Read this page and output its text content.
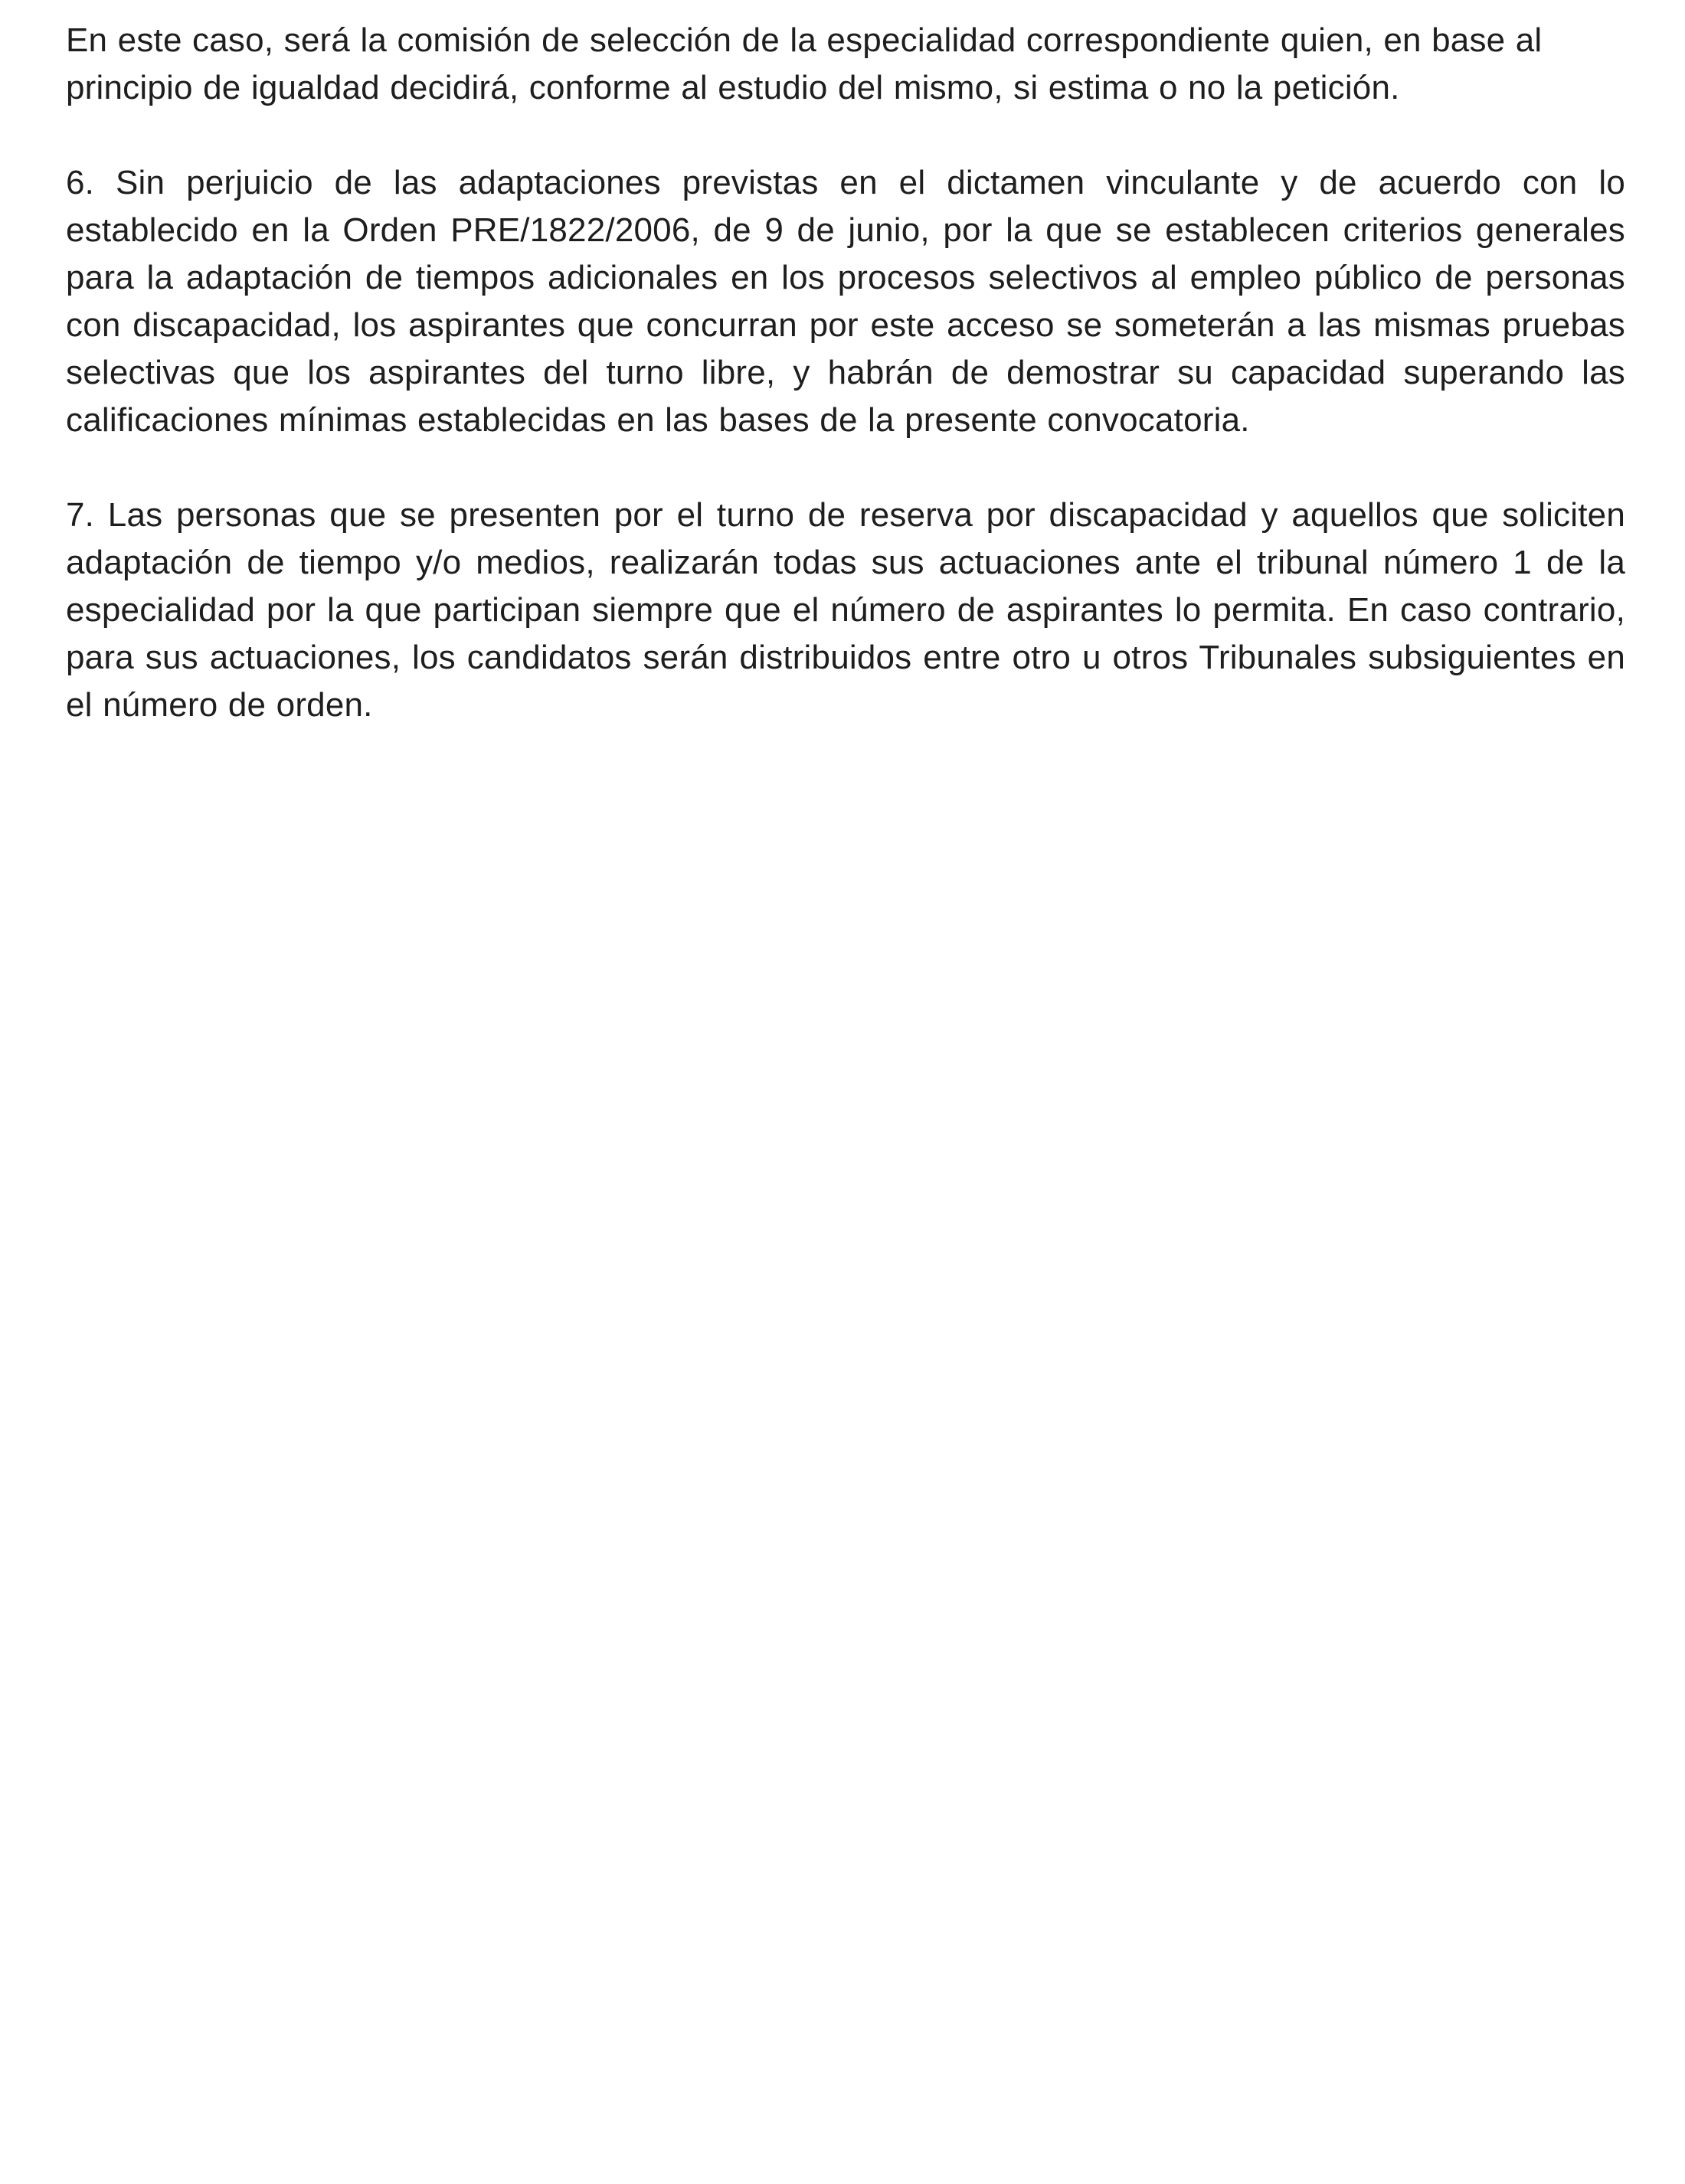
En este caso, será la comisión de selección de la especialidad correspondiente quien, en base al principio de igualdad decidirá, conforme al estudio del mismo, si estima o no la petición.

6. Sin perjuicio de las adaptaciones previstas en el dictamen vinculante y de acuerdo con lo establecido en la Orden PRE/1822/2006, de 9 de junio, por la que se establecen criterios generales para la adaptación de tiempos adicionales en los procesos selectivos al empleo público de personas con discapacidad, los aspirantes que concurran por este acceso se someterán a las mismas pruebas selectivas que los aspirantes del turno libre, y habrán de demostrar su capacidad superando las calificaciones mínimas establecidas en las bases de la presente convocatoria.

7. Las personas que se presenten por el turno de reserva por discapacidad y aquellos que soliciten adaptación de tiempo y/o medios, realizarán todas sus actuaciones ante el tribunal número 1 de la especialidad por la que participan siempre que el número de aspirantes lo permita. En caso contrario, para sus actuaciones, los candidatos serán distribuidos entre otro u otros Tribunales subsiguientes en el número de orden.
